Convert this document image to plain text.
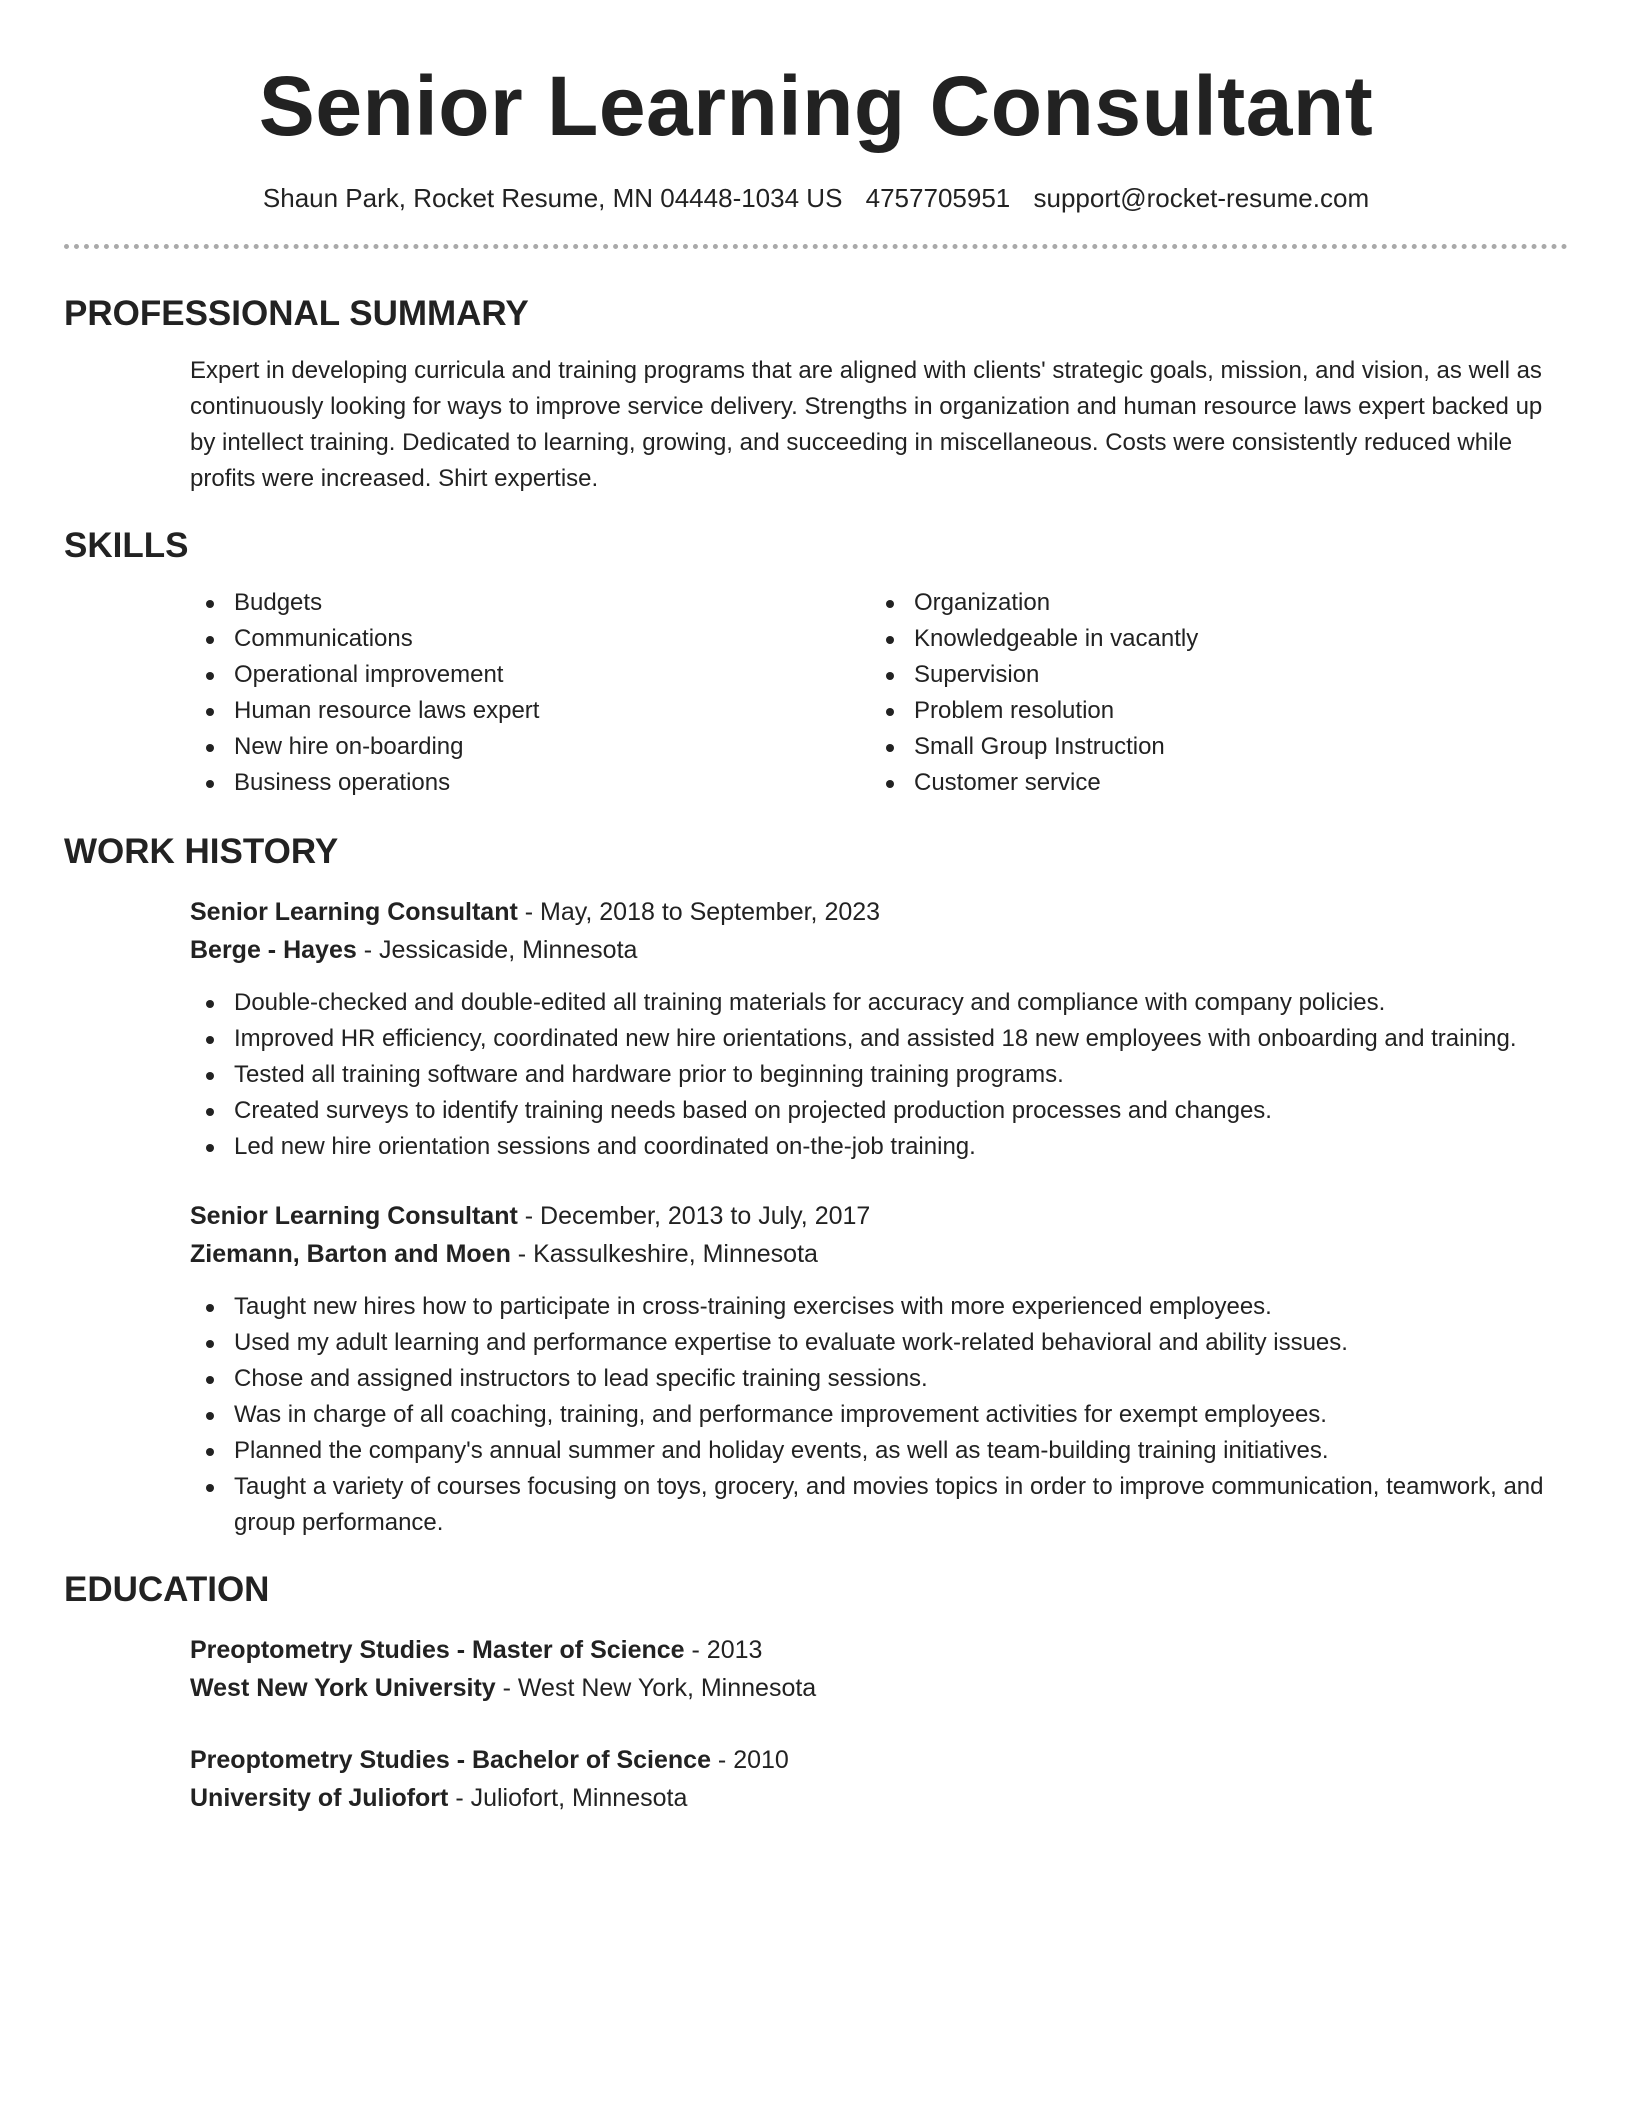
Senior Learning Consultant
Shaun Park, Rocket Resume, MN 04448-1034 US 4757705951 support@rocket-resume.com
PROFESSIONAL SUMMARY

Expert in developing curricula and training programs that are aligned with clients' strategic goals, mission, and vision, as well as continuously looking for ways to improve service delivery. Strengths in organization and human resource laws expert backed up by intellect training. Dedicated to learning, growing, and succeeding in miscellaneous. Costs were consistently reduced while profits were increased. Shirt expertise.

SKILLS
Budgets
Communications
Operational improvement
Human resource laws expert
New hire on-boarding
Business operations
Organization
Knowledgeable in vacantly
Supervision
Problem resolution
Small Group Instruction
Customer service
WORK HISTORY
Senior Learning Consultant - May, 2018 to September, 2023
Berge - Hayes - Jessicaside, Minnesota
Double-checked and double-edited all training materials for accuracy and compliance with company policies.
Improved HR efficiency, coordinated new hire orientations, and assisted 18 new employees with onboarding and training.
Tested all training software and hardware prior to beginning training programs.
Created surveys to identify training needs based on projected production processes and changes.
Led new hire orientation sessions and coordinated on-the-job training.
Senior Learning Consultant - December, 2013 to July, 2017
Ziemann, Barton and Moen - Kassulkeshire, Minnesota
Taught new hires how to participate in cross-training exercises with more experienced employees.
Used my adult learning and performance expertise to evaluate work-related behavioral and ability issues.
Chose and assigned instructors to lead specific training sessions.
Was in charge of all coaching, training, and performance improvement activities for exempt employees.
Planned the company's annual summer and holiday events, as well as team-building training initiatives.
Taught a variety of courses focusing on toys, grocery, and movies topics in order to improve communication, teamwork, and group performance.
EDUCATION
Preoptometry Studies - Master of Science - 2013
West New York University - West New York, Minnesota
Preoptometry Studies - Bachelor of Science - 2010
University of Juliofort - Juliofort, Minnesota
